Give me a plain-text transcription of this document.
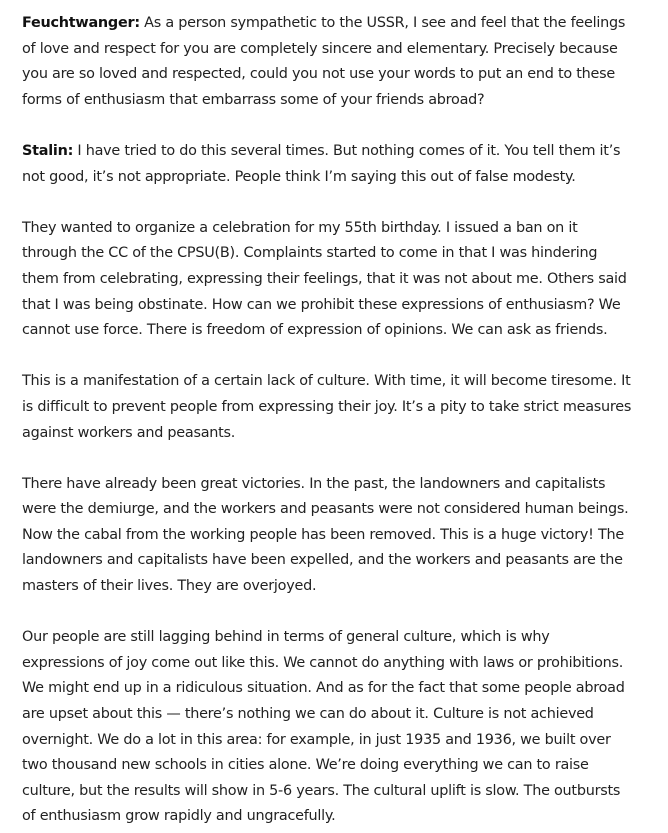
Feuchtwanger: As a person sympathetic to the USSR, I see and feel that the feelings of love and respect for you are completely sincere and elementary. Precisely because you are so loved and respected, could you not use your words to put an end to these forms of enthusiasm that embarrass some of your friends abroad?

Stalin: I have tried to do this several times. But nothing comes of it. You tell them it’s not good, it’s not appropriate. People think I’m saying this out of false modesty.

They wanted to organize a celebration for my 55th birthday. I issued a ban on it through the CC of the CPSU(B). Complaints started to come in that I was hindering them from celebrating, expressing their feelings, that it was not about me. Others said that I was being obstinate. How can we prohibit these expressions of enthusiasm? We cannot use force. There is freedom of expression of opinions. We can ask as friends.

This is a manifestation of a certain lack of culture. With time, it will become tiresome. It is difficult to prevent people from expressing their joy. It’s a pity to take strict measures against workers and peasants.

There have already been great victories. In the past, the landowners and capitalists were the demiurge, and the workers and peasants were not considered human beings. Now the cabal from the working people has been removed. This is a huge victory! The landowners and capitalists have been expelled, and the workers and peasants are the masters of their lives. They are overjoyed.

Our people are still lagging behind in terms of general culture, which is why expressions of joy come out like this. We cannot do anything with laws or prohibitions. We might end up in a ridiculous situation. And as for the fact that some people abroad are upset about this — there’s nothing we can do about it. Culture is not achieved overnight. We do a lot in this area: for example, in just 1935 and 1936, we built over two thousand new schools in cities alone. We’re doing everything we can to raise culture, but the results will show in 5-6 years. The cultural uplift is slow. The outbursts of enthusiasm grow rapidly and ungracefully.
